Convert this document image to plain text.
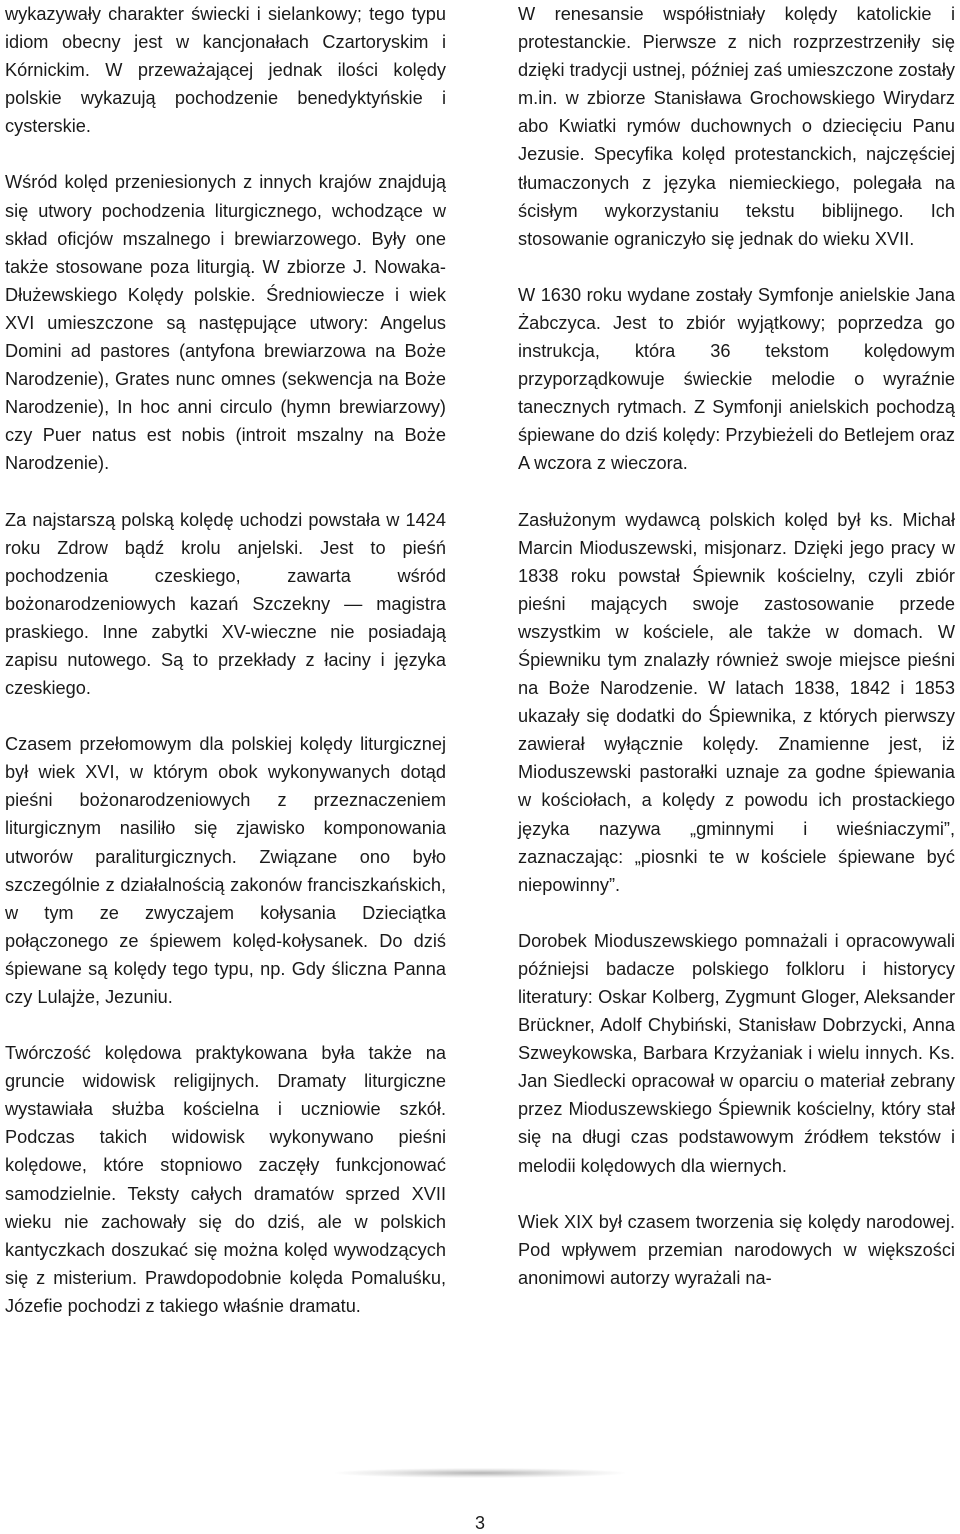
wykazywały charakter świecki i sielankowy; tego typu idiom obecny jest w kancjonałach Czartoryskim i Kórnickim. W przeważającej jednak ilości kolędy polskie wykazują pochodzenie benedyktyńskie i cysterskie.

Wśród kolęd przeniesionych z innych krajów znajdują się utwory pochodzenia liturgicznego, wchodzące w skład oficjów mszalnego i brewiarzowego. Były one także stosowane poza liturgią. W zbiorze J. Nowaka-Dłużewskiego Kolędy polskie. Średniowiecze i wiek XVI umieszczone są następujące utwory: Angelus Domini ad pastores (antyfona brewiarzowa na Boże Narodzenie), Grates nunc omnes (sekwencja na Boże Narodzenie), In hoc anni circulo (hymn brewiarzowy) czy Puer natus est nobis (introit mszalny na Boże Narodzenie).

Za najstarszą polską kolędę uchodzi powstała w 1424 roku Zdrow bądź krolu anjelski. Jest to pieśń pochodzenia czeskiego, zawarta wśród bożonarodzeniowych kazań Szczekny — magistra praskiego. Inne zabytki XV-wieczne nie posiadają zapisu nutowego. Są to przekłady z łaciny i języka czeskiego.

Czasem przełomowym dla polskiej kolędy liturgicznej był wiek XVI, w którym obok wykonywanych dotąd pieśni bożonarodzeniowych z przeznaczeniem liturgicznym nasiliło się zjawisko komponowania utworów paraliturgicznych. Związane ono było szczególnie z działalnością zakonów franciszkańskich, w tym ze zwyczajem kołysania Dzieciątka połączonego ze śpiewem kolęd-kołysanek. Do dziś śpiewane są kolędy tego typu, np. Gdy śliczna Panna czy Lulajże, Jezuniu.

Twórczość kolędowa praktykowana była także na gruncie widowisk religijnych. Dramaty liturgiczne wystawiała służba kościelna i uczniowie szkół. Podczas takich widowisk wykonywano pieśni kolędowe, które stopniowo zaczęły funkcjonować samodzielnie. Teksty całych dramatów sprzed XVII wieku nie zachowały się do dziś, ale w polskich kantyczkach doszukać się można kolęd wywodzących się z misterium. Prawdopodobnie kolęda Pomaluśku, Józefie pochodzi z takiego właśnie dramatu.

W renesansie współistniały kolędy katolickie i protestanckie. Pierwsze z nich rozprzestrzeniły się dzięki tradycji ustnej, później zaś umieszczone zostały m.in. w zbiorze Stanisława Grochowskiego Wirydarz abo Kwiatki rymów duchownych o dziecięciu Panu Jezusie. Specyfika kolęd protestanckich, najczęściej tłumaczonych z języka niemieckiego, polegała na ścisłym wykorzystaniu tekstu biblijnego. Ich stosowanie ograniczyło się jednak do wieku XVII.

W 1630 roku wydane zostały Symfonje anielskie Jana Żabczyca. Jest to zbiór wyjątkowy; poprzedza go instrukcja, która 36 tekstom kolędowym przyporządkowuje świeckie melodie o wyraźnie tanecznych rytmach. Z Symfonji anielskich pochodzą śpiewane do dziś kolędy: Przybieżeli do Betlejem oraz A wczora z wieczora.

Zasłużonym wydawcą polskich kolęd był ks. Michał Marcin Mioduszewski, misjonarz. Dzięki jego pracy w 1838 roku powstał Śpiewnik kościelny, czyli zbiór pieśni mających swoje zastosowanie przede wszystkim w kościele, ale także w domach. W Śpiewniku tym znalazły również swoje miejsce pieśni na Boże Narodzenie. W latach 1838, 1842 i 1853 ukazały się dodatki do Śpiewnika, z których pierwszy zawierał wyłącznie kolędy. Znamienne jest, iż Mioduszewski pastorałki uznaje za godne śpiewania w kościołach, a kolędy z powodu ich prostackiego języka nazywa „gminnymi i wieśniaczymi”, zaznaczając: „piosnki te w kościele śpiewane być niepowinny”.

Dorobek Mioduszewskiego pomnażali i opracowywali późniejsi badacze polskiego folkloru i historycy literatury: Oskar Kolberg, Zygmunt Gloger, Aleksander Brückner, Adolf Chybiński, Stanisław Dobrzycki, Anna Szweykowska, Barbara Krzyżaniak i wielu innych. Ks. Jan Siedlecki opracował w oparciu o materiał zebrany przez Mioduszewskiego Śpiewnik kościelny, który stał się na długi czas podstawowym źródłem tekstów i melodii kolędowych dla wiernych.

Wiek XIX był czasem tworzenia się kolędy narodowej. Pod wpływem przemian narodowych w większości anonimowi autorzy wyrażali na-

3
